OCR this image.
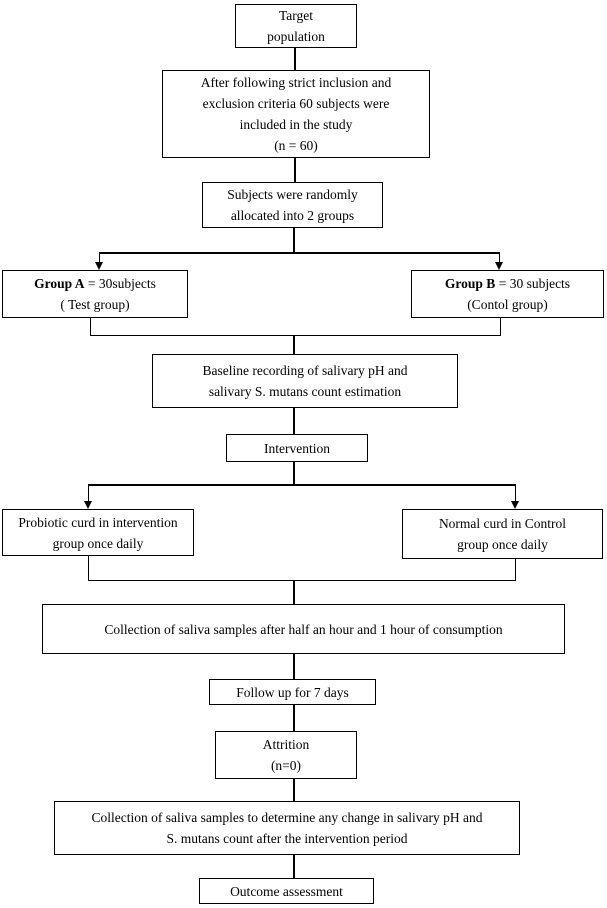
Target
population
After following strict inclusion and
exclusion criteria 60 subjects were
included in the study
(n = 60)
Subjects were randomly
allocated into 2 groups
Group A = 30subjects
( Test group)
Group B = 30 subjects
(Contol group)
Baseline recording of salivary pH and
salivary S. mutans count estimation
Intervention
Probiotic curd in intervention
group once daily
Normal curd in Control
group once daily
Collection of saliva samples after half an hour and 1 hour of consumption
Follow up for 7 days
Attrition
(n=0)
Collection of saliva samples to determine any change in salivary pH and
S. mutans count after the intervention period
Outcome assessment
